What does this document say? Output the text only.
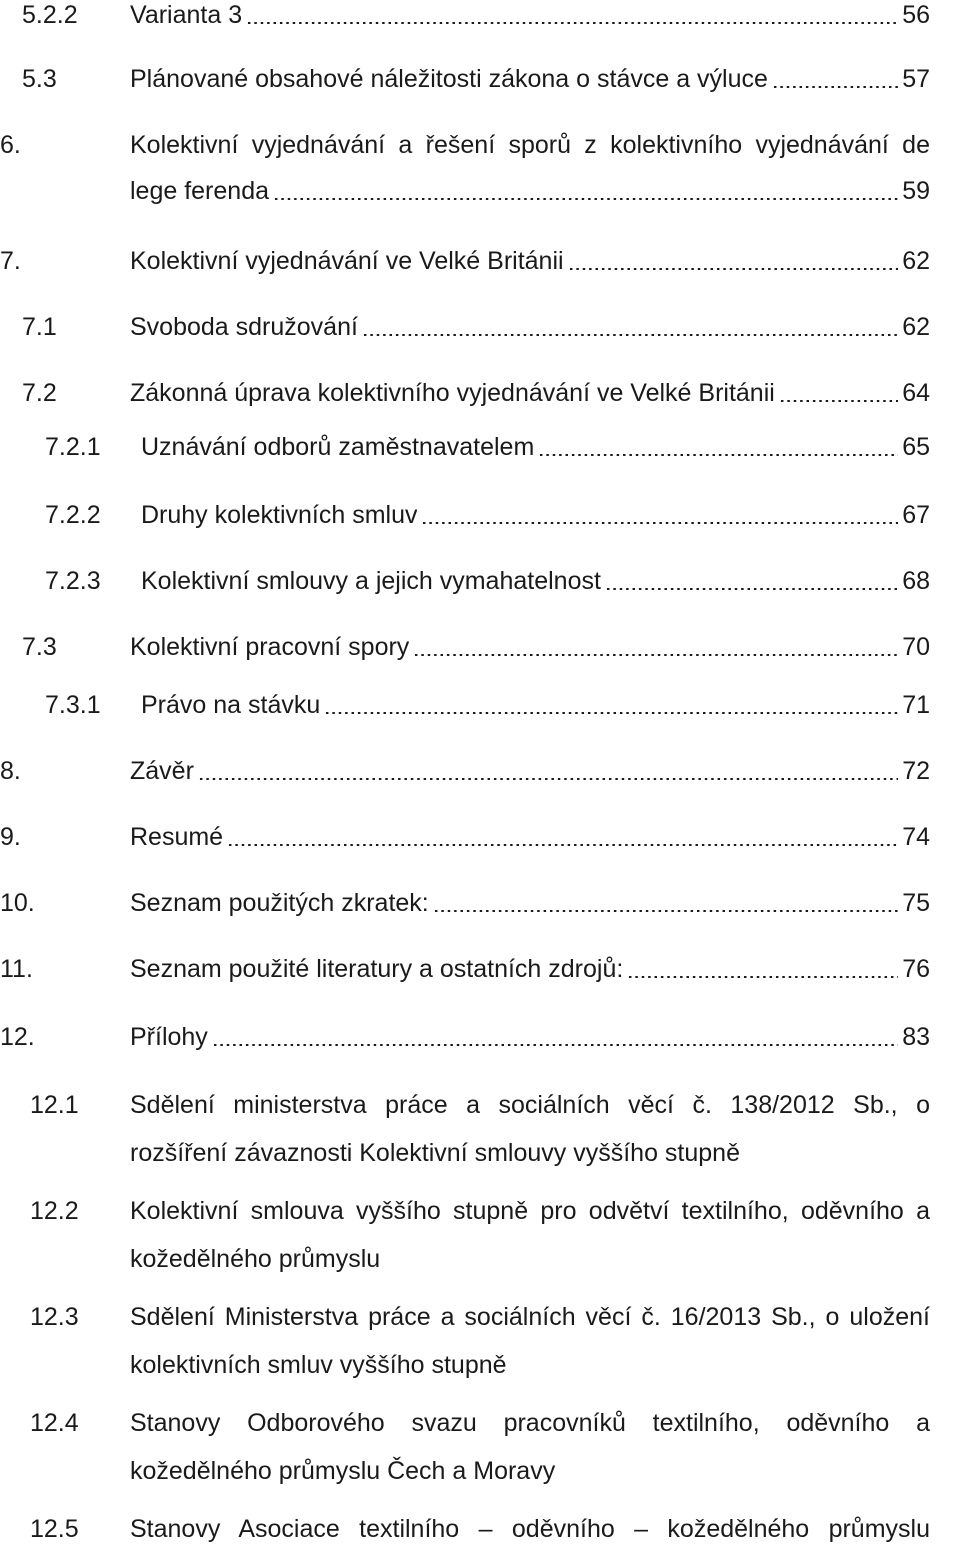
5.2.2 Varianta 3	56
5.3	Plánované obsahové náležitosti zákona o stávce a výluce	57
6.	Kolektivní vyjednávání a řešení sporů z kolektivního vyjednávání de
lege ferenda	59
7.	Kolektivní vyjednávání ve Velké Británii	62
7.1	Svoboda sdružování	62
7.2	Zákonná úprava kolektivního vyjednávání ve Velké Británii	64
7.2.1 Uznávání odborů zaměstnavatelem	65
7.2.2 Druhy kolektivních smluv	67
7.2.3 Kolektivní smlouvy a jejich vymahatelnost	68
7.3	Kolektivní pracovní spory	70
7.3.1 Právo na stávku	71
8.	Závěr	72
9.	Resumé	74
10.	Seznam použitých zkratek:	75
11.	Seznam použité literatury a ostatních zdrojů:	76
12.	Přílohy	83
12.1 Sdělení ministerstva práce a sociálních věcí č. 138/2012 Sb., o
rozšíření závaznosti Kolektivní smlouvy vyššího stupně
12.2 Kolektivní smlouva vyššího stupně pro odvětví textilního, oděvního a
kožedělného průmyslu
12.3 Sdělení Ministerstva práce a sociálních věcí č. 16/2013 Sb., o uložení
kolektivních smluv vyššího stupně
12.4 Stanovy Odborového svazu pracovníků textilního, oděvního a
kožedělného průmyslu Čech a Moravy
12.5 Stanovy Asociace textilního – oděvního – kožedělného průmyslu
